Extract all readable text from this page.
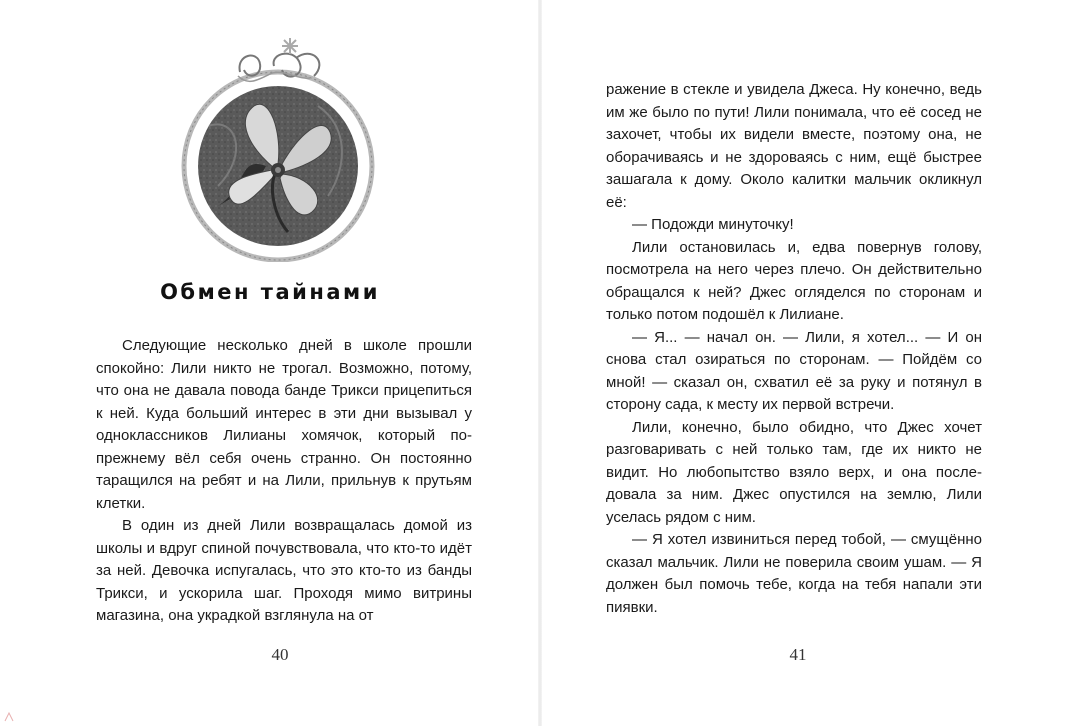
Обмен тайнами

Следующие несколько дней в школе прошли спокойно: Лили никто не трогал. Возможно, потому, что она не давала повода банде Трикси прицепиться к ней. Куда больший интерес в эти дни вызывал у одноклассников Лилианы хомячок, который по-прежнему вёл себя очень странно. Он постоянно таращился на ребят и на Лили, прильнув к прутьям клетки.

В один из дней Лили возвращалась домой из школы и вдруг спиной почувствовала, что кто-то идёт за ней. Девочка испугалась, что это кто-то из банды Трикси, и ускорила шаг. Проходя мимо витрины магазина, она украдкой взглянула на от

40

ражение в стекле и увидела Джеса. Ну конечно, ведь им же было по пути! Лили понимала, что её сосед не захочет, чтобы их видели вместе, поэтому она, не оборачиваясь и не здороваясь с ним, ещё быстрее зашагала к дому. Около калитки мальчик окликнул её:

— Подожди минуточку!

Лили остановилась и, едва повернув голову, посмотрела на него через плечо. Он действительно обращался к ней? Джес огляделся по сторонам и только потом подошёл к Лилиане.

— Я... — начал он. — Лили, я хотел... — И он снова стал озираться по сторонам. — Пойдём со мной! — сказал он, схватил её за руку и потянул в сторону сада, к месту их первой встречи.

Лили, конечно, было обидно, что Джес хочет разговаривать с ней только там, где их никто не видит. Но любопытство взяло верх, и она последовала за ним. Джес опустился на землю, Лили уселась рядом с ним.

— Я хотел извиниться перед тобой, — смущённо сказал мальчик. Лили не поверила своим ушам. — Я должен был помочь тебе, когда на тебя напали эти пиявки.

41
